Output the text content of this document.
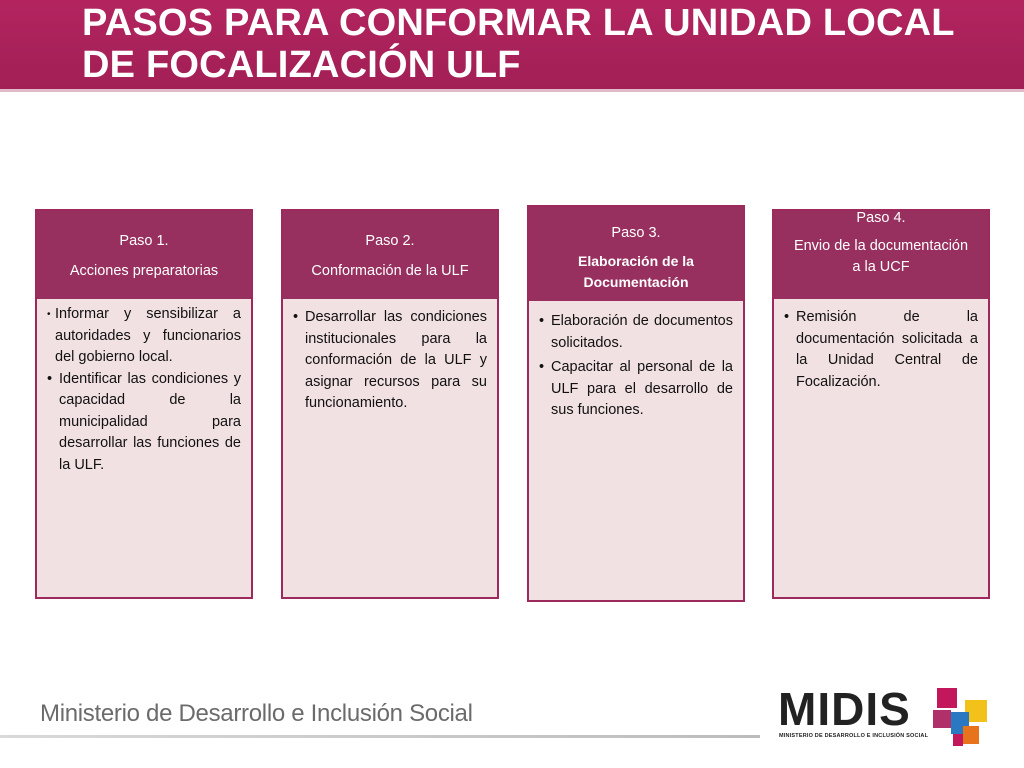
PASOS PARA CONFORMAR LA UNIDAD LOCAL
DE FOCALIZACIÓN ULF
Paso 1.
Acciones preparatorias
• Informar y sensibilizar a autoridades y funcionarios del gobierno local.
• Identificar las condiciones y capacidad de la municipalidad para desarrollar las funciones de la ULF.
Paso 2.
Conformación de la ULF
• Desarrollar las condiciones institucionales para la conformación de la ULF y asignar recursos para su funcionamiento.
Paso 3.
Elaboración de la Documentación
• Elaboración de documentos solicitados.
• Capacitar al personal de la ULF para el desarrollo de sus funciones.
Paso 4.
Envio de la documentación a la UCF
• Remisión de la documentación solicitada a la Unidad Central de Focalización.
Ministerio de Desarrollo e Inclusión Social	MIDIS
MINISTERIO DE DESARROLLO E INCLUSIÓN SOCIAL
